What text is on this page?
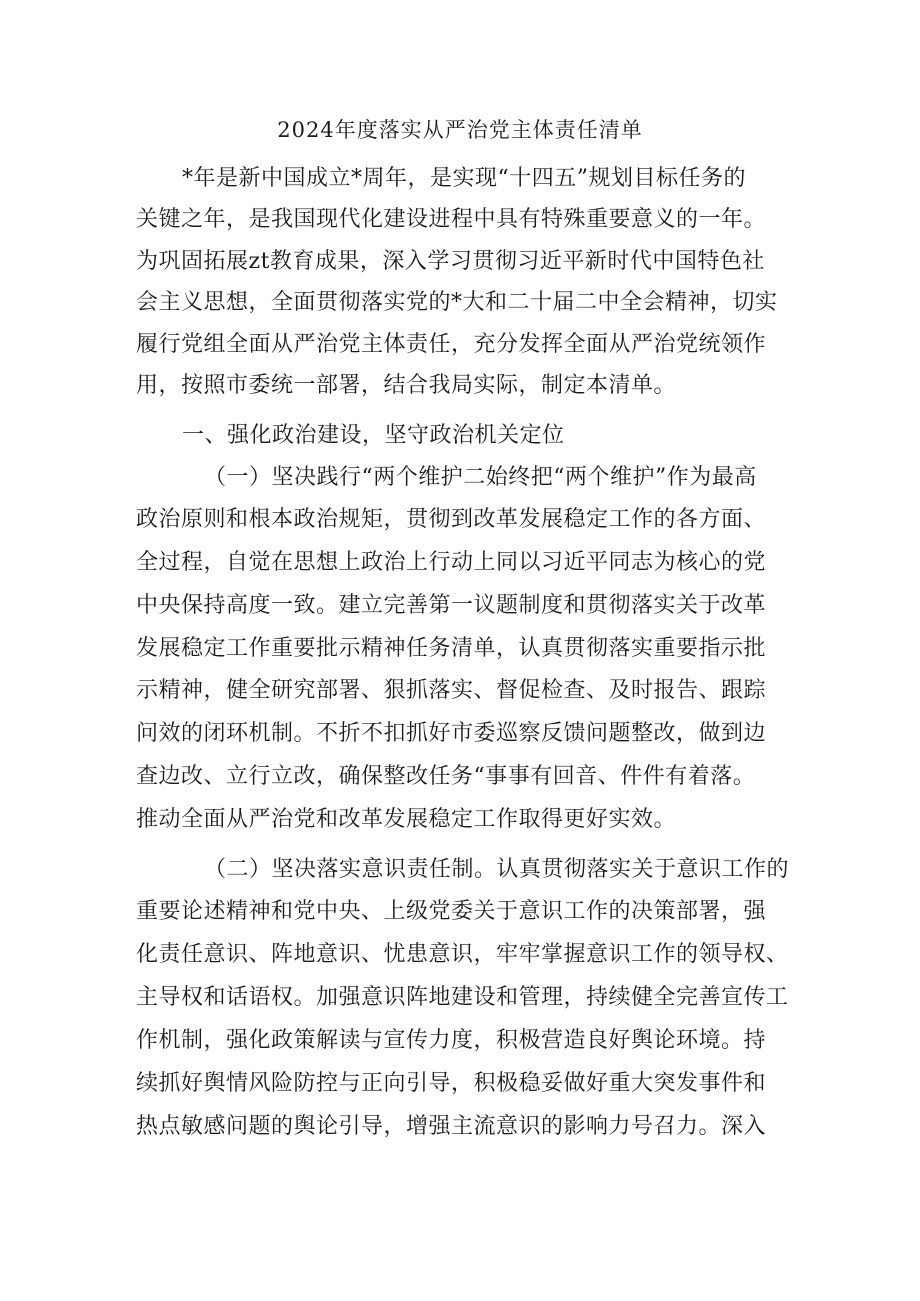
2024年度落实从严治党主体责任清单
*年是新中国成立*周年，是实现“十四五”规划目标任务的
关键之年，是我国现代化建设进程中具有特殊重要意义的一年。
为巩固拓展zt教育成果，深入学习贯彻习近平新时代中国特色社
会主义思想，全面贯彻落实党的*大和二十届二中全会精神，切实
履行党组全面从严治党主体责任，充分发挥全面从严治党统领作
用，按照市委统一部署，结合我局实际，制定本清单。
一、强化政治建设，坚守政治机关定位
（一）坚决践行“两个维护二始终把“两个维护”作为最高
政治原则和根本政治规矩，贯彻到改革发展稳定工作的各方面、
全过程，自觉在思想上政治上行动上同以习近平同志为核心的党
中央保持高度一致。建立完善第一议题制度和贯彻落实关于改革
发展稳定工作重要批示精神任务清单，认真贯彻落实重要指示批
示精神，健全研究部署、狠抓落实、督促检查、及时报告、跟踪
问效的闭环机制。不折不扣抓好市委巡察反馈问题整改，做到边
查边改、立行立改，确保整改任务“事事有回音、件件有着落。
推动全面从严治党和改革发展稳定工作取得更好实效。
（二）坚决落实意识责任制。认真贯彻落实关于意识工作的
重要论述精神和党中央、上级党委关于意识工作的决策部署，强
化责任意识、阵地意识、忧患意识，牢牢掌握意识工作的领导权、
主导权和话语权。加强意识阵地建设和管理，持续健全完善宣传工
作机制，强化政策解读与宣传力度，积极营造良好舆论环境。持
续抓好舆情风险防控与正向引导，积极稳妥做好重大突发事件和
热点敏感问题的舆论引导，增强主流意识的影响力号召力。深入
